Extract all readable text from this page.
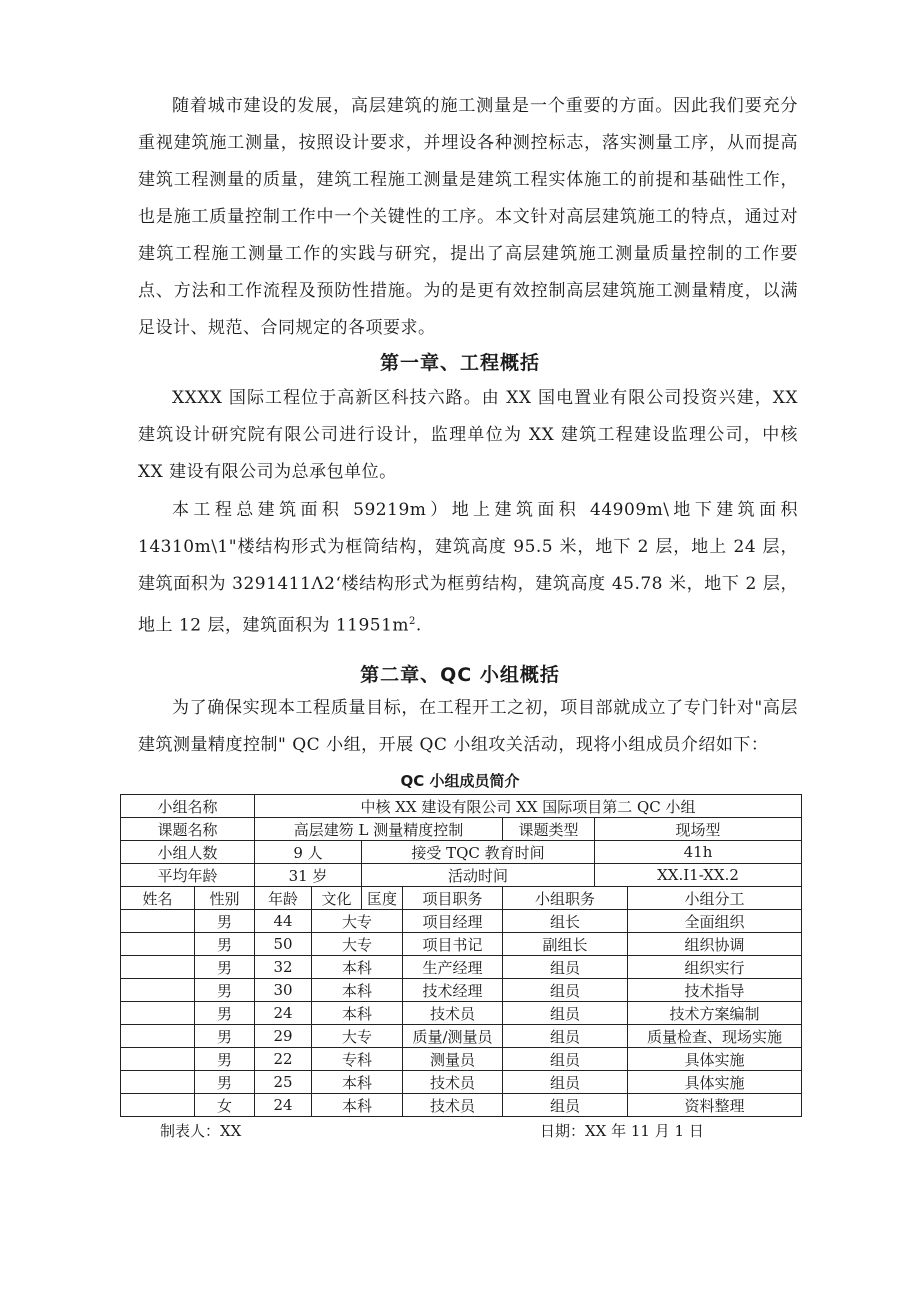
随着城市建设的发展，高层建筑的施工测量是一个重要的方面。因此我们要充分重视建筑施工测量，按照设计要求，并埋设各种测控标志，落实测量工序，从而提高建筑工程测量的质量，建筑工程施工测量是建筑工程实体施工的前提和基础性工作，也是施工质量控制工作中一个关键性的工序。本文针对高层建筑施工的特点，通过对建筑工程施工测量工作的实践与研究，提出了高层建筑施工测量质量控制的工作要点、方法和工作流程及预防性措施。为的是更有效控制高层建筑施工测量精度，以满足设计、规范、合同规定的各项要求。

第一章、工程概括

XXXX 国际工程位于高新区科技六路。由 XX 国电置业有限公司投资兴建，XX 建筑设计研究院有限公司进行设计，监理单位为 XX 建筑工程建设监理公司，中核 XX 建设有限公司为总承包单位。

本工程总建筑面积 59219m）地上建筑面积 44909m\地下建筑面积 14310m\1"楼结构形式为框筒结构，建筑高度 95.5 米，地下 2 层，地上 24 层，建筑面积为 3291411Λ2‘楼结构形式为框剪结构，建筑高度 45.78 米，地下 2 层，地上 12 层，建筑面积为 $11951m^2$.

第二章、QC 小组概括

为了确保实现本工程质量目标，在工程开工之初，项目部就成立了专门针对"高层建筑测量精度控制" QC 小组，开展 QC 小组攻关活动，现将小组成员介绍如下：

QC 小组成员简介
小组名称		中核 XX 建设有限公司 XX 国际项目第二 QC 小组						
课题名称		高层建笏 L 测量精度控制				课题类型	现场型	
小组人数		9 人		接受 TQC 教育时间			41h	
平均年龄		31 岁		活动时间			XX.I1-XX.2	
姓名	性别	年龄	文化	匡度	项目职务	小组职务		小组分工
	男	44	大专		项目经理	组长		全面组织
	男	50	大专		项目书记	副组长		组织协调
	男	32	本科		生产经理	组员		组织实行
	男	30	本科		技术经理	组员		技术指导
	男	24	本科		技术员	组员		技术方案编制
	男	29	大专		质量/测量员	组员		质量检查、现场实施
	男	22	专科		测量员	组员		具体实施
	男	25	本科		技术员	组员		具体实施
	女	24	本科		技术员	组员		资料整理
制表人：XX	日期：XX 年 11 月 1 日
